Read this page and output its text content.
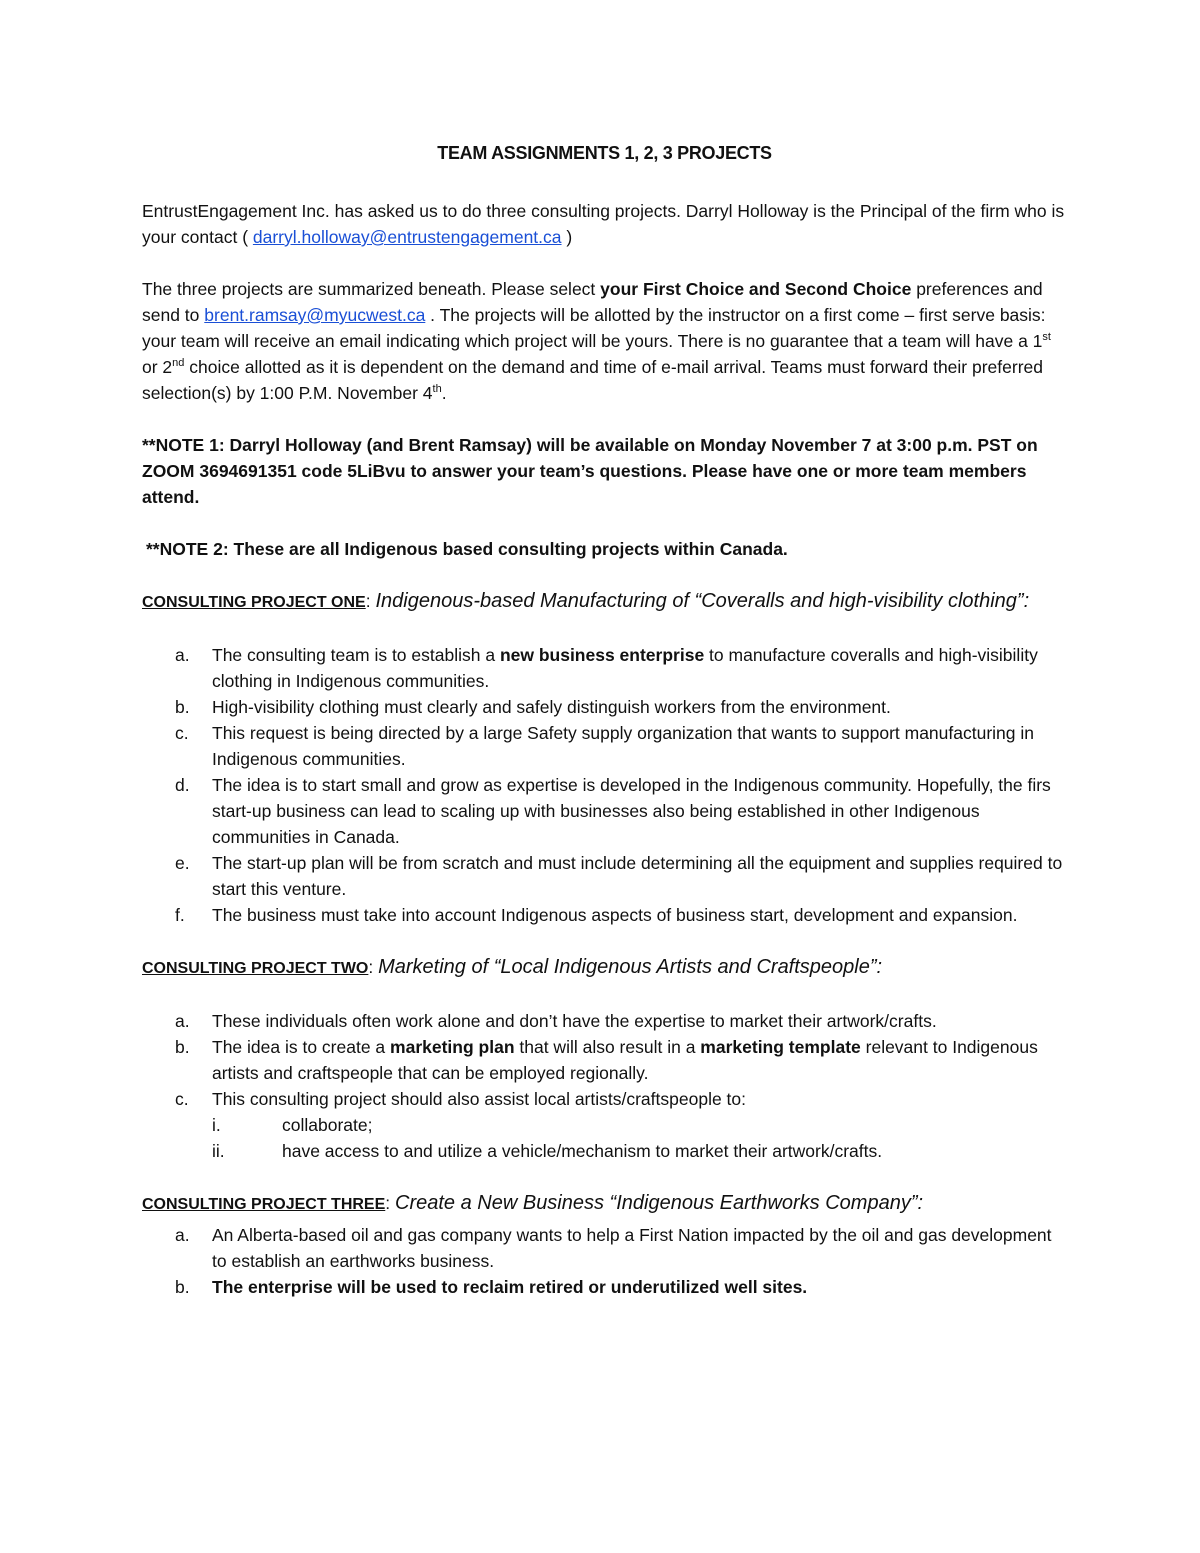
TEAM ASSIGNMENTS 1, 2, 3 PROJECTS

EntrustEngagement Inc. has asked us to do three consulting projects. Darryl Holloway is the Principal of the firm who is your contact ( darryl.holloway@entrustengagement.ca )

The three projects are summarized beneath. Please select your First Choice and Second Choice preferences and send to brent.ramsay@myucwest.ca . The projects will be allotted by the instructor on a first come – first serve basis: your team will receive an email indicating which project will be yours. There is no guarantee that a team will have a 1st or 2nd choice allotted as it is dependent on the demand and time of e-mail arrival. Teams must forward their preferred selection(s) by 1:00 P.M. November 4th.

**NOTE 1: Darryl Holloway (and Brent Ramsay) will be available on Monday November 7 at 3:00 p.m. PST on ZOOM 3694691351 code 5LiBvu to answer your team’s questions. Please have one or more team members attend.

**NOTE 2: These are all Indigenous based consulting projects within Canada.

CONSULTING PROJECT ONE: Indigenous-based Manufacturing of “Coveralls and high-visibility clothing”:
a. The consulting team is to establish a new business enterprise to manufacture coveralls and high-visibility clothing in Indigenous communities.
b. High-visibility clothing must clearly and safely distinguish workers from the environment.
c. This request is being directed by a large Safety supply organization that wants to support manufacturing in Indigenous communities.
d. The idea is to start small and grow as expertise is developed in the Indigenous community. Hopefully, the firs start-up business can lead to scaling up with businesses also being established in other Indigenous communities in Canada.
e. The start-up plan will be from scratch and must include determining all the equipment and supplies required to start this venture.
f. The business must take into account Indigenous aspects of business start, development and expansion.
CONSULTING PROJECT TWO: Marketing of “Local Indigenous Artists and Craftspeople”:
a. These individuals often work alone and don’t have the expertise to market their artwork/crafts.
b. The idea is to create a marketing plan that will also result in a marketing template relevant to Indigenous artists and craftspeople that can be employed regionally.
c. This consulting project should also assist local artists/craftspeople to:
i.	collaborate;
ii.	have access to and utilize a vehicle/mechanism to market their artwork/crafts.
CONSULTING PROJECT THREE: Create a New Business “Indigenous Earthworks Company”:
a. An Alberta-based oil and gas company wants to help a First Nation impacted by the oil and gas development to establish an earthworks business.
b. The enterprise will be used to reclaim retired or underutilized well sites.
